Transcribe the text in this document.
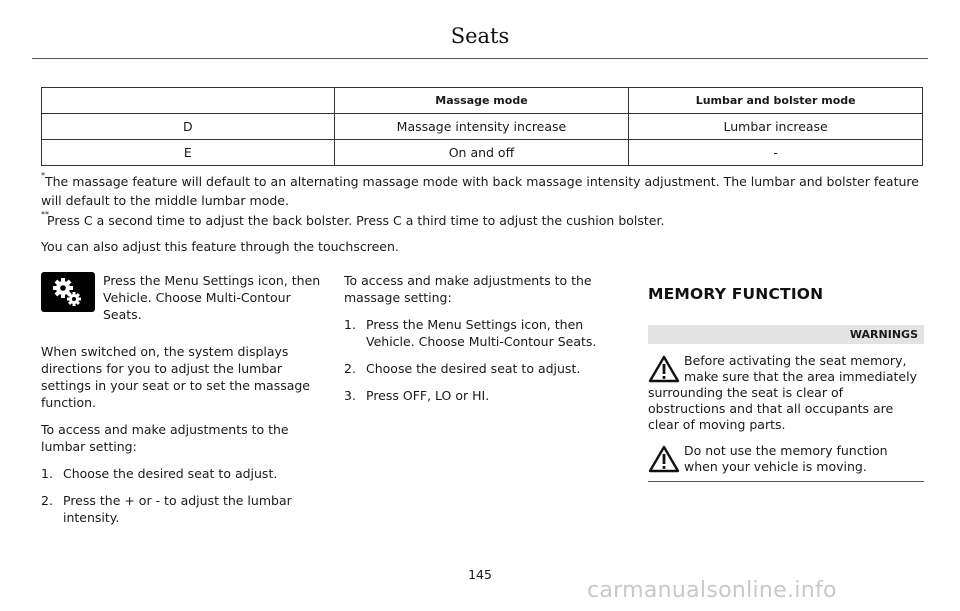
Seats
	Massage mode	Lumbar and bolster mode
D	Massage intensity increase	Lumbar increase
E	On and off	-
* The massage feature will default to an alternating massage mode with back massage intensity adjustment. The lumbar and bolster feature will default to the middle lumbar mode.
**
Press C a second time to adjust the back bolster. Press C a third time to adjust the cushion bolster.
You can also adjust this feature through the touchscreen.
Press the Menu Settings icon, then Vehicle. Choose Multi-Contour Seats.
When switched on, the system displays directions for you to adjust the lumbar settings in your seat or to set the massage function.
To access and make adjustments to the lumbar setting:
1. Choose the desired seat to adjust.
2. Press the + or - to adjust the lumbar intensity.
To access and make adjustments to the massage setting:
1. Press the Menu Settings icon, then Vehicle. Choose Multi-Contour Seats.
2. Choose the desired seat to adjust.
3. Press OFF, LO or HI.
MEMORY FUNCTION
WARNINGS
Before activating the seat memory, make sure that the area immediately
surrounding the seat is clear of obstructions and that all occupants are clear of moving parts.
Do not use the memory function when your vehicle is moving.
145
carmanualsonline.info
